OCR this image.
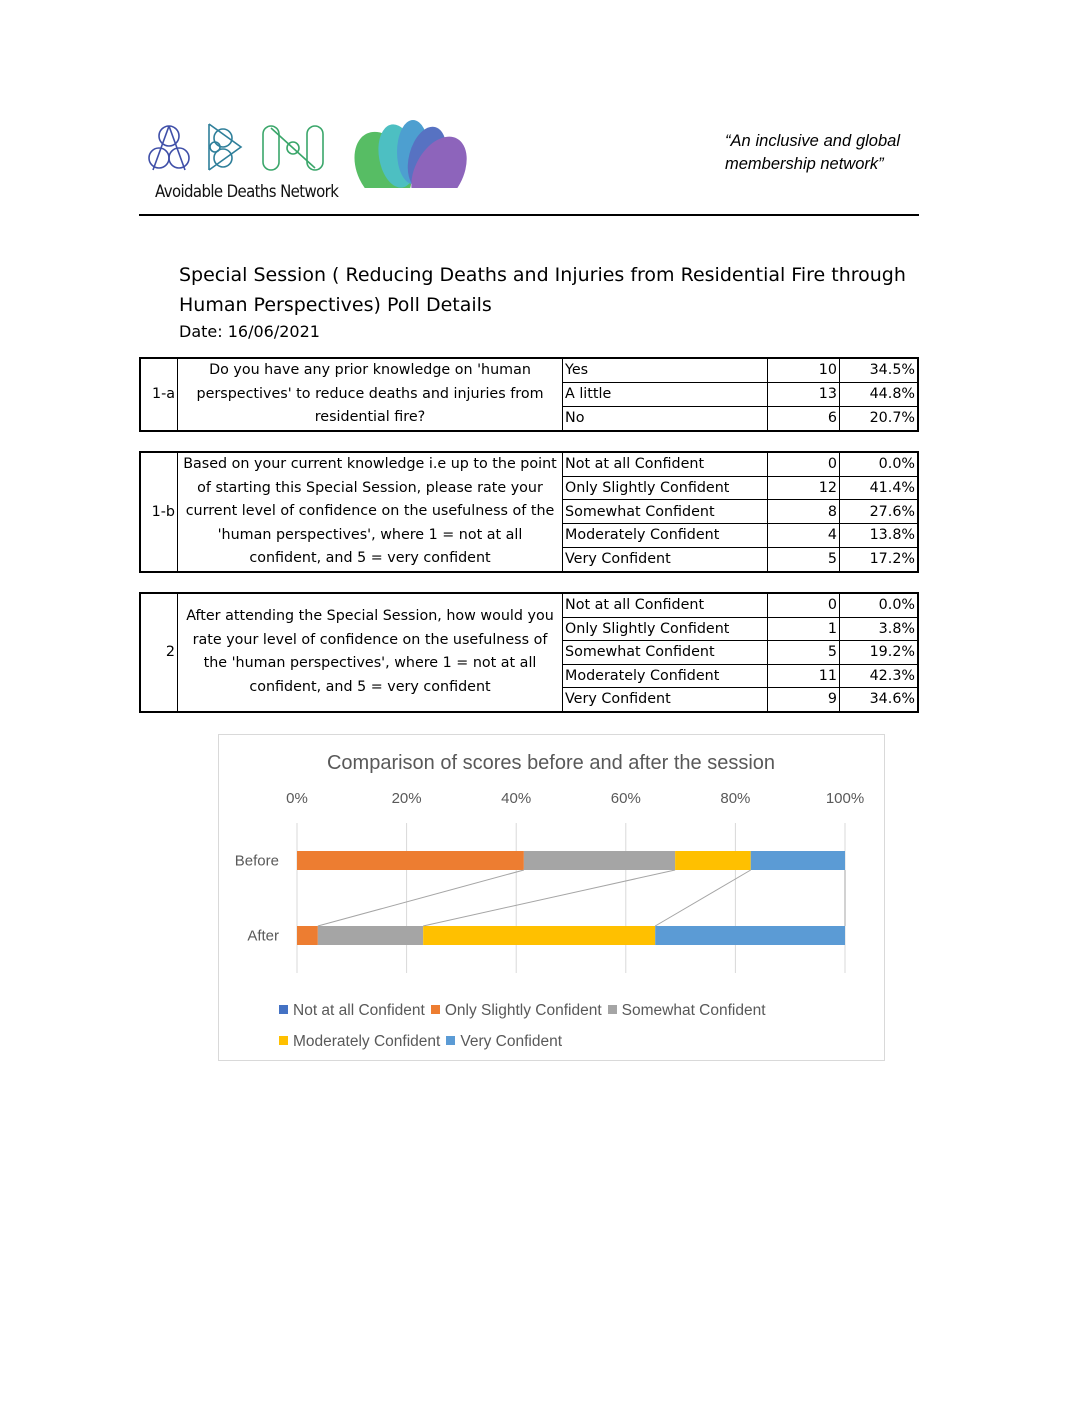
Avoidable Deaths Network
“An inclusive and global membership network”
Special Session ( Reducing Deaths and Injuries from Residential Fire through Human Perspectives) Poll Details
Date: 16/06/2021
1-a	Do you have any prior knowledge on 'human perspectives' to reduce deaths and injuries from residential fire?	Yes	10	34.5%
		A little	13	44.8%
		No	6	20.7%
1-b	Based on your current knowledge i.e up to the point of starting this Special Session, please rate your current level of confidence on the usefulness of the 'human perspectives', where 1 = not at all confident, and 5 = very confident	Not at all Confident	0	0.0%
		Only Slightly Confident	12	41.4%
		Somewhat Confident	8	27.6%
		Moderately Confident	4	13.8%
		Very Confident	5	17.2%
2	After attending the Special Session, how would you rate your level of confidence on the usefulness of the 'human perspectives', where 1 = not at all confident, and 5 = very confident	Not at all Confident	0	0.0%
		Only Slightly Confident	1	3.8%
		Somewhat Confident	5	19.2%
		Moderately Confident	11	42.3%
		Very Confident	9	34.6%
Comparison of scores before and after the session
0%	20%	40%	60%	80%	100%
Before
After
Not at all Confident Only Slightly Confident Somewhat ConfidentModerately Confident Very Confident
